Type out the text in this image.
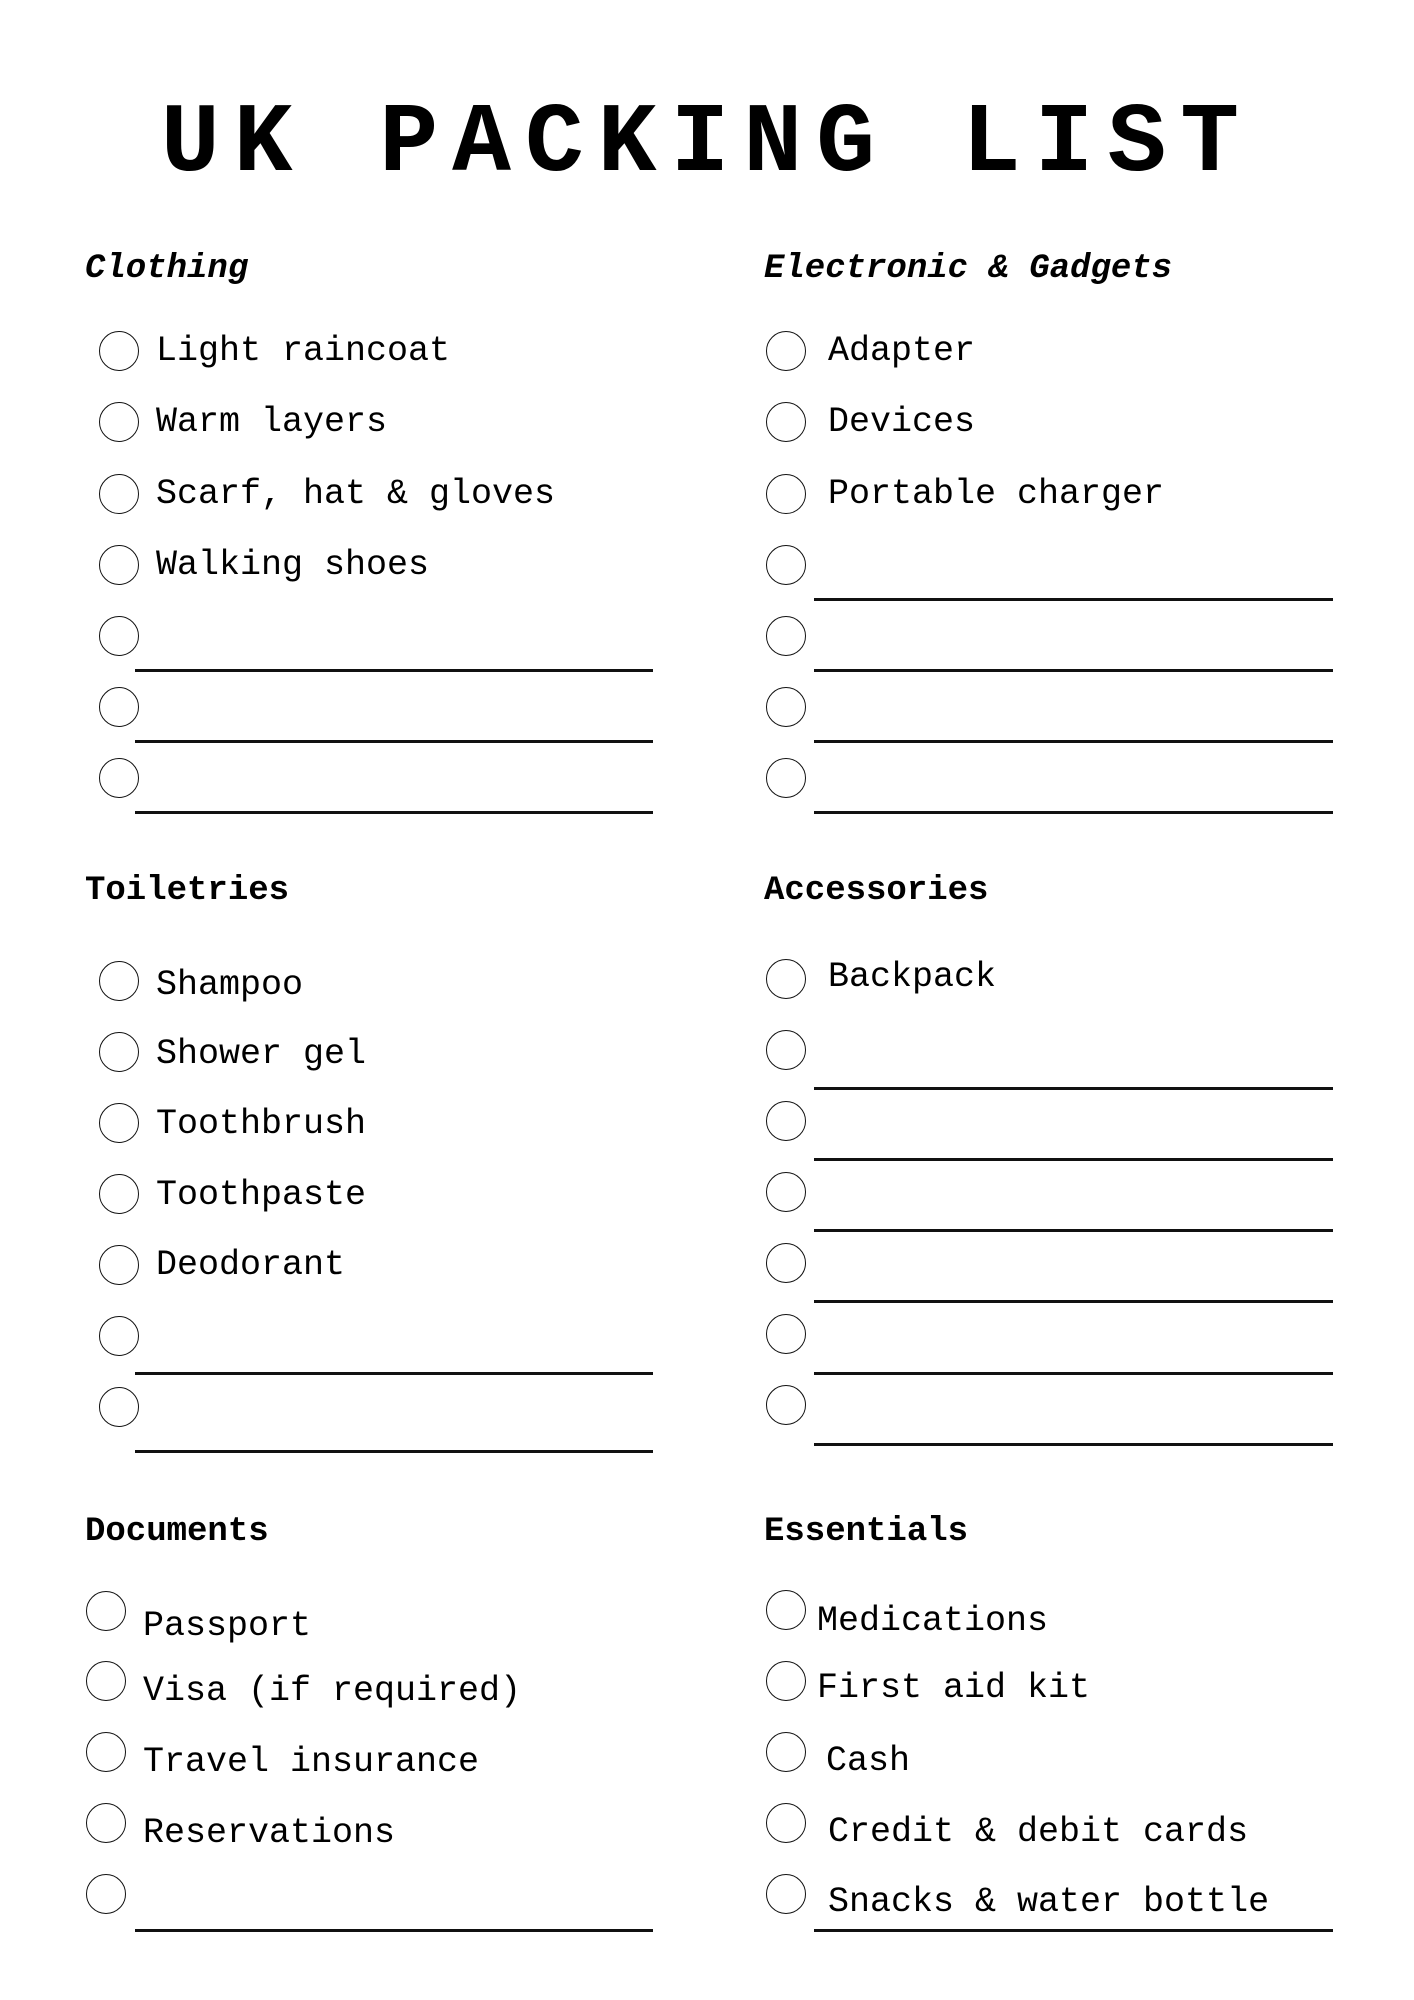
UK PACKING LIST
Clothing
Light raincoat
Warm layers
Scarf, hat & gloves
Walking shoes
Electronic & Gadgets
Adapter
Devices
Portable charger
Toiletries
Shampoo
Shower gel
Toothbrush
Toothpaste
Deodorant
Accessories
Backpack
Documents
Passport
Visa (if required)
Travel insurance
Reservations
Essentials
Medications
First aid kit
Cash
Credit & debit cards
Snacks & water bottle
